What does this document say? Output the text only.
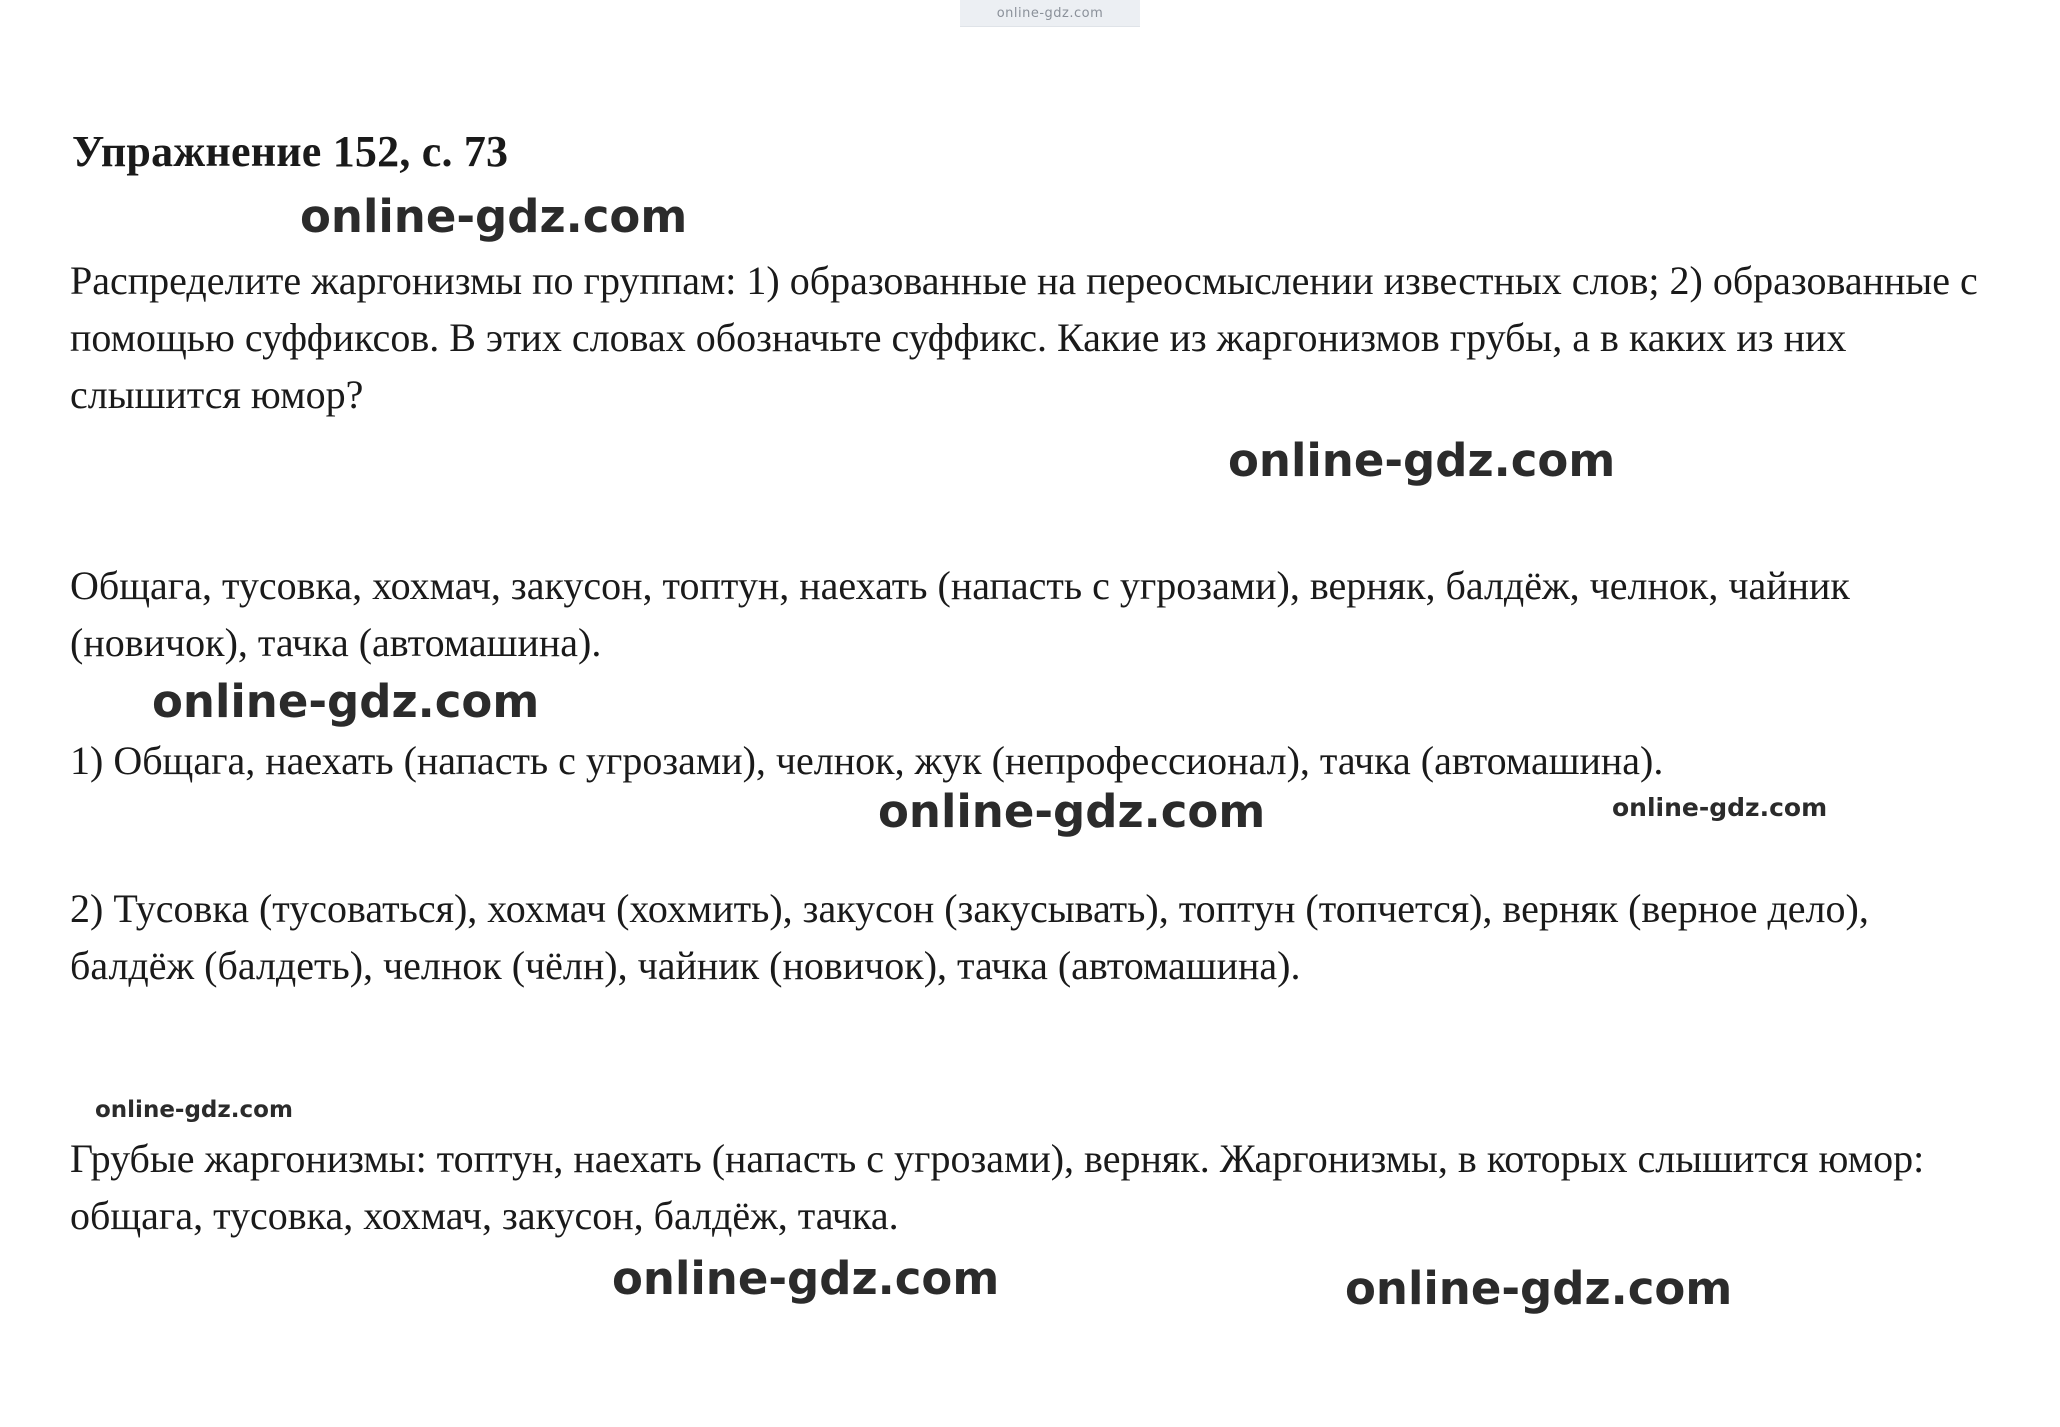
online-gdz.com
Упражнение 152, с. 73
Распределите жаргонизмы по группам: 1) образованные на переосмыслении известных слов; 2) образованные с помощью суффиксов. В этих словах обозначьте суффикс. Какие из жаргонизмов грубы, а в каких из них слышится юмор?
Общага, тусовка, хохмач, закусон, топтун, наехать (напасть с угрозами), верняк, балдёж, челнок, чайник (новичок), тачка (автомашина).
1) Общага, наехать (напасть с угрозами), челнок, жук (непрофессионал), тачка (автомашина).
2) Тусовка (тусоваться), хохмач (хохмить), закусон (закусывать), топтун (топчется), верняк (верное дело), балдёж (балдеть), челнок (чёлн), чайник (новичок), тачка (автомашина).
Грубые жаргонизмы: топтун, наехать (напасть с угрозами), верняк. Жаргонизмы, в которых слышится юмор: общага, тусовка, хохмач, закусон, балдёж, тачка.
online-gdz.com
online-gdz.com
online-gdz.com
online-gdz.com	online-gdz.com
online-gdz.com
online-gdz.com	online-gdz.com
